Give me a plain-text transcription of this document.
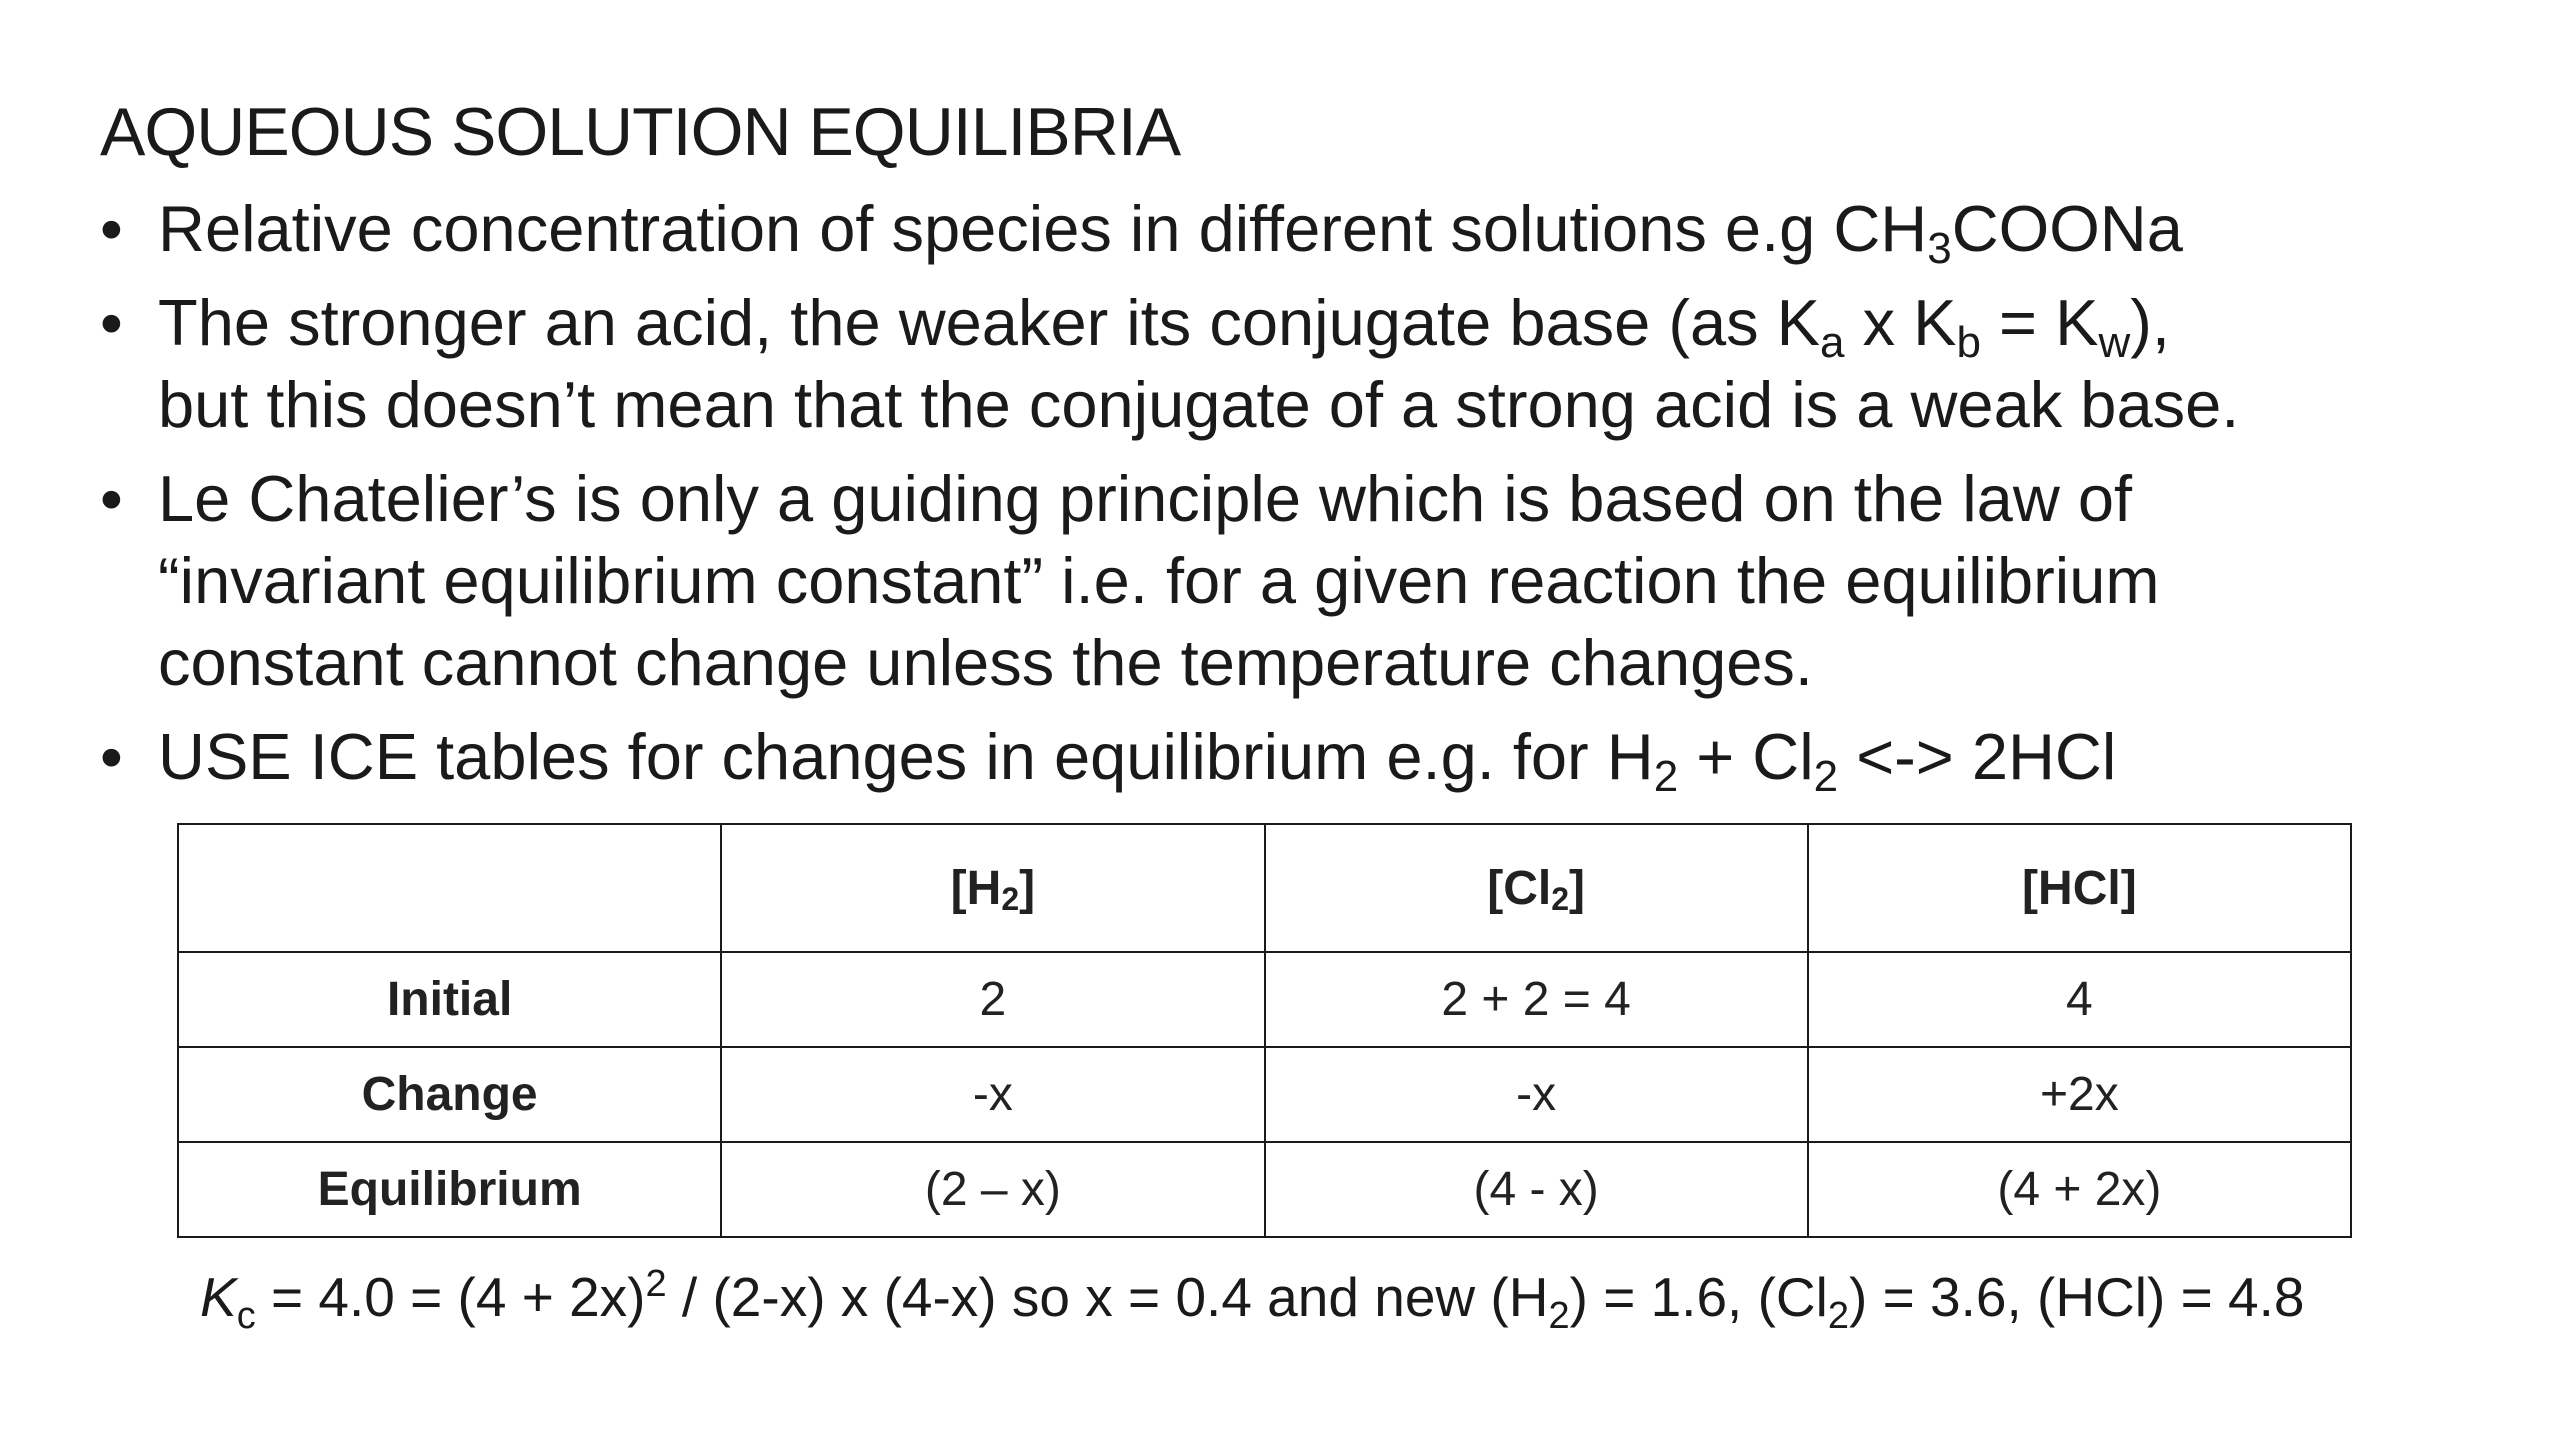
AQUEOUS SOLUTION EQUILIBRIA
• Relative concentration of species in different solutions e.g $CH_3COONa$
• The stronger an acid, the weaker its conjugate base (as $K_a$ x $K_b = K_w$),
but this doesn’t mean that the conjugate of a strong acid is a weak base.
• Le Chatelier’s is only a guiding principle which is based on the law of
“invariant equilibrium constant” i.e. for a given reaction the equilibrium
constant cannot change unless the temperature changes.
• USE ICE tables for changes in equilibrium e.g. for $H_2 + Cl_2$ <-> 2HCl
	$[H_2]$	$[Cl_2]$	[HCl]
Initial	2	2 + 2 = 4	4
Change	-x	-x	+2x
Equilibrium	(2 – x)	(4 - x)	(4 + 2x)
$K_c = 4.0 = (4 + 2x)^2 / (2-x)$ x (4-x) so x = 0.4 and new $(H_2) = 1.6$, $(Cl_2) = 3.6$, (HCl) = 4.8
